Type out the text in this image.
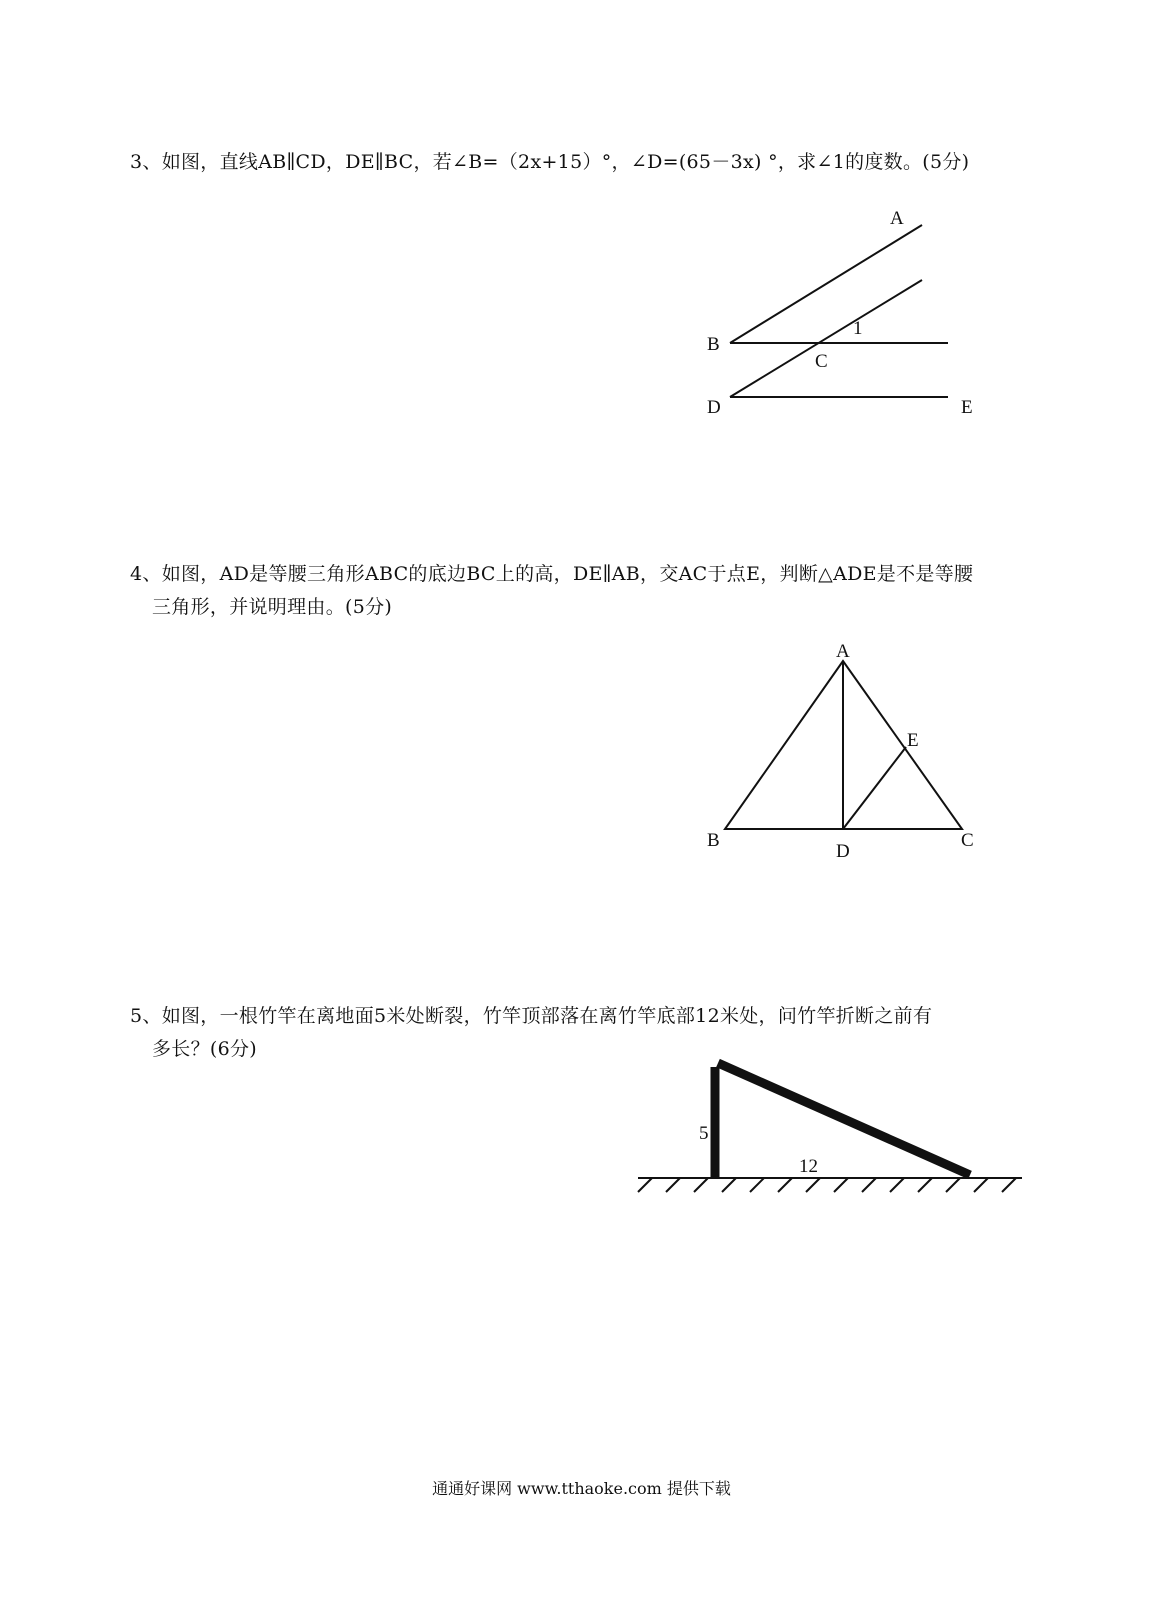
3、如图，直线AB∥CD，DE∥BC，若∠B=（2x+15）°，∠D=(65－3x) °，求∠1的度数。(5分)
4、如图，AD是等腰三角形ABC的底边BC上的高，DE∥AB，交AC于点E，判断△ADE是不是等腰
三角形，并说明理由。(5分)
5、如图，一根竹竿在离地面5米处断裂，竹竿顶部落在离竹竿底部12米处，问竹竿折断之前有
多长？(6分)
A
B
C
D	E
1
A
B	C
D
E
5
12
通通好课网 www.tthaoke.com 提供下载
